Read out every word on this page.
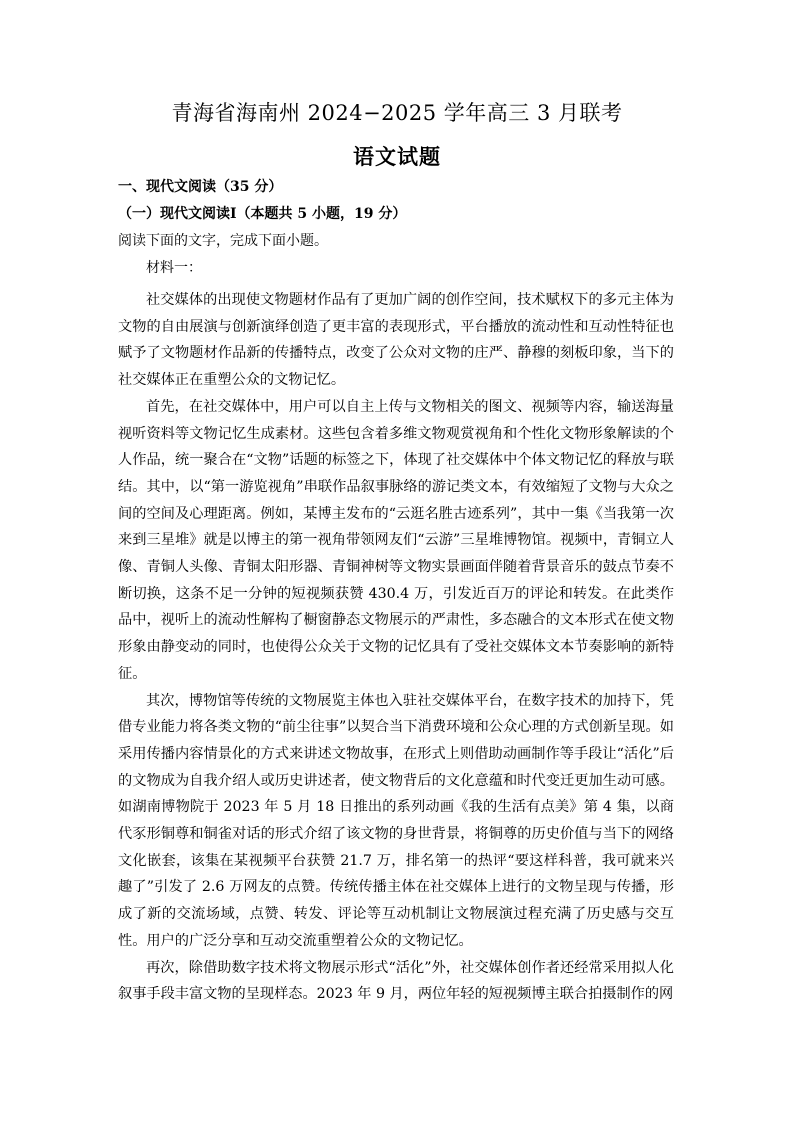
青海省海南州 2024−2025 学年高三 3 月联考
语文试题
一、现代文阅读（35 分）
（一）现代文阅读Ⅰ（本题共 5 小题，19 分）
阅读下面的文字，完成下面小题。
材料一：

社交媒体的出现使文物题材作品有了更加广阔的创作空间，技术赋权下的多元主体为文物的自由展演与创新演绎创造了更丰富的表现形式，平台播放的流动性和互动性特征也赋予了文物题材作品新的传播特点，改变了公众对文物的庄严、静穆的刻板印象，当下的社交媒体正在重塑公众的文物记忆。

首先，在社交媒体中，用户可以自主上传与文物相关的图文、视频等内容，输送海量视听资料等文物记忆生成素材。这些包含着多维文物观赏视角和个性化文物形象解读的个人作品，统一聚合在“文物”话题的标签之下，体现了社交媒体中个体文物记忆的释放与联结。其中，以“第一游览视角”串联作品叙事脉络的游记类文本，有效缩短了文物与大众之间的空间及心理距离。例如，某博主发布的“云逛名胜古迹系列”，其中一集《当我第一次来到三星堆》就是以博主的第一视角带领网友们“云游”三星堆博物馆。视频中，青铜立人像、青铜人头像、青铜太阳形器、青铜神树等文物实景画面伴随着背景音乐的鼓点节奏不断切换，这条不足一分钟的短视频获赞 430.4 万，引发近百万的评论和转发。在此类作品中，视听上的流动性解构了橱窗静态文物展示的严肃性，多态融合的文本形式在使文物形象由静变动的同时，也使得公众关于文物的记忆具有了受社交媒体文本节奏影响的新特征。

其次，博物馆等传统的文物展览主体也入驻社交媒体平台，在数字技术的加持下，凭借专业能力将各类文物的“前尘往事”以契合当下消费环境和公众心理的方式创新呈现。如采用传播内容情景化的方式来讲述文物故事，在形式上则借助动画制作等手段让“活化”后的文物成为自我介绍人或历史讲述者，使文物背后的文化意蕴和时代变迁更加生动可感。如湖南博物院于 2023 年 5 月 18 日推出的系列动画《我的生活有点美》第 4 集，以商代豕形铜尊和铜雀对话的形式介绍了该文物的身世背景，将铜尊的历史价值与当下的网络文化嵌套，该集在某视频平台获赞 21.7 万，排名第一的热评“要这样科普，我可就来兴趣了”引发了 2.6 万网友的点赞。传统传播主体在社交媒体上进行的文物呈现与传播，形成了新的交流场域，点赞、转发、评论等互动机制让文物展演过程充满了历史感与交互性。用户的广泛分享和互动交流重塑着公众的文物记忆。

再次，除借助数字技术将文物展示形式“活化”外，社交媒体创作者还经常采用拟人化叙事手段丰富文物的呈现样态。2023 年 9 月，两位年轻的短视频博主联合拍摄制作的网
